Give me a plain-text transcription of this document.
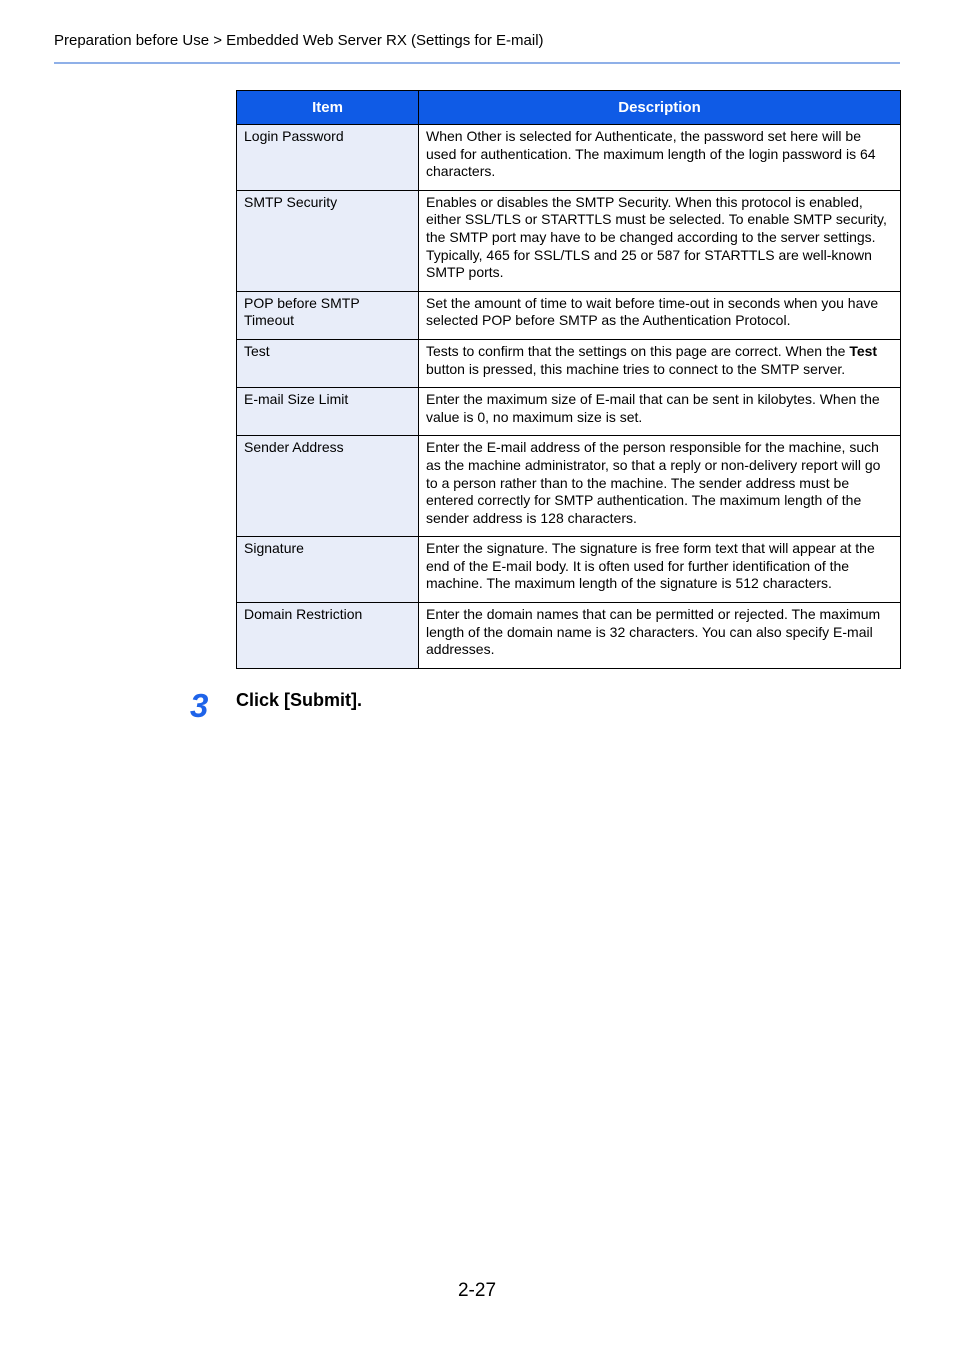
Preparation before Use > Embedded Web Server RX (Settings for E-mail)
Item	Description
Login Password	When Other is selected for Authenticate, the password set here will be used for authentication. The maximum length of the login password is 64 characters.
SMTP Security	Enables or disables the SMTP Security. When this protocol is enabled, either SSL/TLS or STARTTLS must be selected. To enable SMTP security, the SMTP port may have to be changed according to the server settings. Typically, 465 for SSL/TLS and 25 or 587 for STARTTLS are well-known SMTP ports.
POP before SMTP Timeout	Set the amount of time to wait before time-out in seconds when you have selected POP before SMTP as the Authentication Protocol.
Test	Tests to confirm that the settings on this page are correct. When the Test button is pressed, this machine tries to connect to the SMTP server.
E-mail Size Limit	Enter the maximum size of E-mail that can be sent in kilobytes. When the value is 0, no maximum size is set.
Sender Address	Enter the E-mail address of the person responsible for the machine, such as the machine administrator, so that a reply or non-delivery report will go to a person rather than to the machine. The sender address must be entered correctly for SMTP authentication. The maximum length of the sender address is 128 characters.
Signature	Enter the signature. The signature is free form text that will appear at the end of the E-mail body. It is often used for further identification of the machine. The maximum length of the signature is 512 characters.
Domain Restriction	Enter the domain names that can be permitted or rejected. The maximum length of the domain name is 32 characters. You can also specify E-mail addresses.
3 Click [Submit].
2-27
